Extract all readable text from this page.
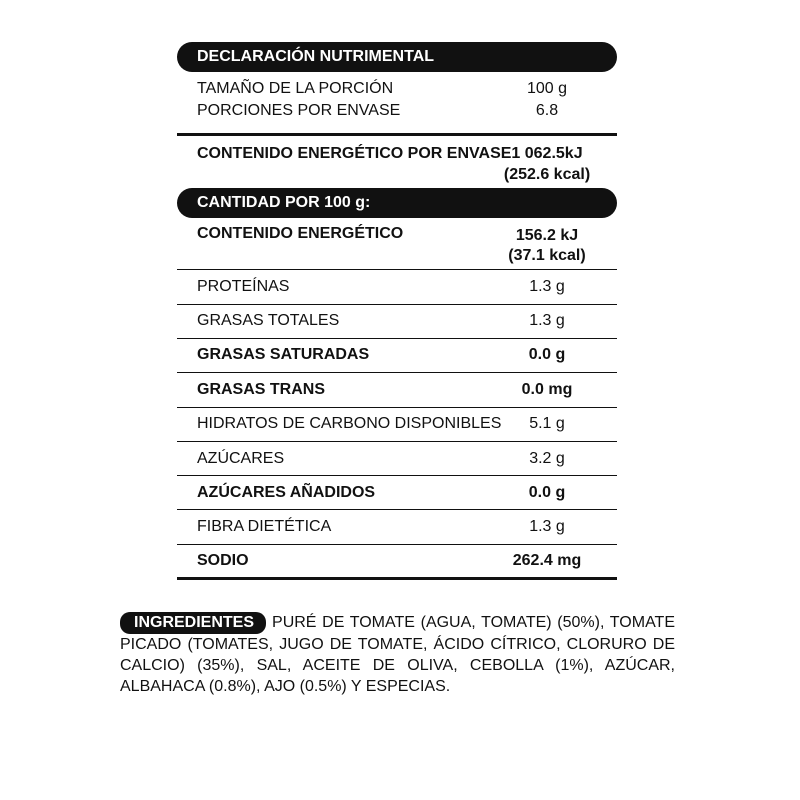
DECLARACIÓN NUTRIMENTAL
TAMAÑO DE LA PORCIÓN	100 g
PORCIONES POR ENVASE	6.8
CONTENIDO ENERGÉTICO POR ENVASE 1 062.5kJ
(252.6 kcal)
CANTIDAD POR 100 g:
CONTENIDO ENERGÉTICO	156.2 kJ
(37.1 kcal)
PROTEÍNAS	1.3 g
GRASAS TOTALES	1.3 g
GRASAS SATURADAS	0.0 g
GRASAS TRANS	0.0 mg
HIDRATOS DE CARBONO DISPONIBLES	5.1 g
AZÚCARES	3.2 g
AZÚCARES AÑADIDOS	0.0 g
FIBRA DIETÉTICA	1.3 g
SODIO	262.4 mg
INGREDIENTES PURÉ DE TOMATE (AGUA, TOMATE) (50%), TOMATE PICADO (TOMATES, JUGO DE TOMATE, ÁCIDO CÍTRICO, CLORURO DE CALCIO) (35%), SAL, ACEITE DE OLIVA, CEBOLLA (1%), AZÚCAR, ALBAHACA (0.8%), AJO (0.5%) Y ESPECIAS.
